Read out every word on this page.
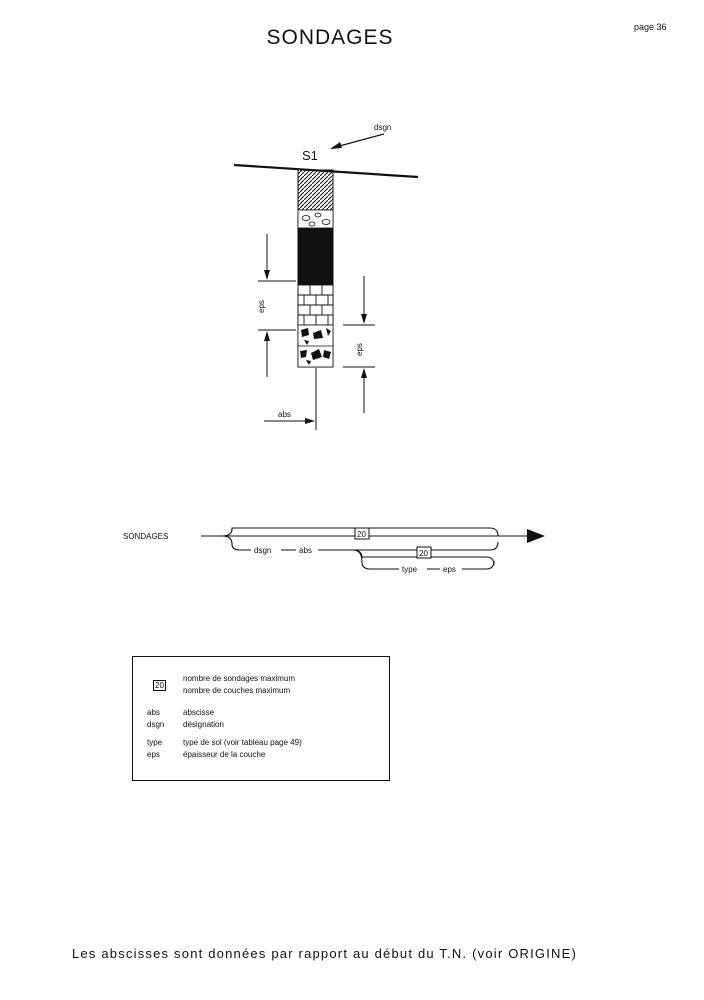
SONDAGES	page 36
dsgn
S1
eps
eps
abs
SONDAGES	20
20
dsgn	abs
type	eps
20
nombre de sondages maximum
nombre de couches maximum
abs	abscisse
dsgn	désignation
type	type de sol (voir tableau page 49)
eps	épaisseur de la couche
Les abscisses sont données par rapport au début du T.N. (voir ORIGINE)
